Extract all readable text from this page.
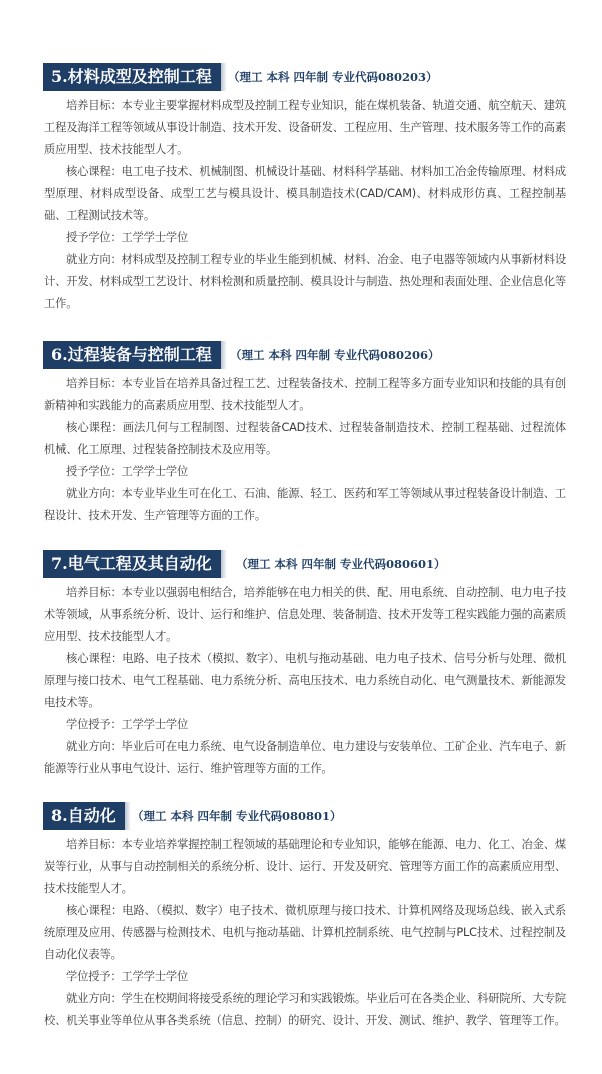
5.材料成型及控制工程	（理工 本科 四年制 专业代码080203）

培养目标：本专业主要掌握材料成型及控制工程专业知识，能在煤机装备、轨道交通、航空航天、建筑工程及海洋工程等领域从事设计制造、技术开发、设备研发、工程应用、生产管理、技术服务等工作的高素质应用型、技术技能型人才。

核心课程：电工电子技术、机械制图、机械设计基础、材料科学基础、材料加工冶金传输原理、材料成型原理、材料成型设备、成型工艺与模具设计、模具制造技术(CAD/CAM)、材料成形仿真、工程控制基础、工程测试技术等。

授予学位：工学学士学位

就业方向：材料成型及控制工程专业的毕业生能到机械、材料、冶金、电子电器等领域内从事新材料设计、开发、材料成型工艺设计、材料检测和质量控制、模具设计与制造、热处理和表面处理、企业信息化等工作。

6.过程装备与控制工程	（理工 本科 四年制 专业代码080206）

培养目标：本专业旨在培养具备过程工艺、过程装备技术、控制工程等多方面专业知识和技能的具有创新精神和实践能力的高素质应用型、技术技能型人才。

核心课程：画法几何与工程制图、过程装备CAD技术、过程装备制造技术、控制工程基础、过程流体机械、化工原理、过程装备控制技术及应用等。

授予学位：工学学士学位

就业方向：本专业毕业生可在化工、石油、能源、轻工、医药和军工等领域从事过程装备设计制造、工程设计、技术开发、生产管理等方面的工作。

7.电气工程及其自动化	（理工 本科 四年制 专业代码080601）

培养目标：本专业以强弱电相结合，培养能够在电力相关的供、配、用电系统、自动控制、电力电子技术等领域，从事系统分析、设计、运行和维护、信息处理、装备制造、技术开发等工程实践能力强的高素质应用型、技术技能型人才。

核心课程：电路、电子技术（模拟、数字）、电机与拖动基础、电力电子技术、信号分析与处理、微机原理与接口技术、电气工程基础、电力系统分析、高电压技术、电力系统自动化、电气测量技术、新能源发电技术等。

学位授予：工学学士学位

就业方向：毕业后可在电力系统、电气设备制造单位、电力建设与安装单位、工矿企业、汽车电子、新能源等行业从事电气设计、运行、维护管理等方面的工作。

8.自动化	（理工 本科 四年制 专业代码080801）

培养目标：本专业培养掌握控制工程领域的基础理论和专业知识，能够在能源、电力、化工、冶金、煤炭等行业，从事与自动控制相关的系统分析、设计、运行、开发及研究、管理等方面工作的高素质应用型、技术技能型人才。

核心课程：电路、（模拟、数字）电子技术、微机原理与接口技术、计算机网络及现场总线、嵌入式系统原理及应用、传感器与检测技术、电机与拖动基础、计算机控制系统、电气控制与PLC技术、过程控制及自动化仪表等。

学位授予：工学学士学位

就业方向：学生在校期间将接受系统的理论学习和实践锻炼。毕业后可在各类企业、科研院所、大专院校、机关事业等单位从事各类系统（信息、控制）的研究、设计、开发、测试、维护、教学、管理等工作。
